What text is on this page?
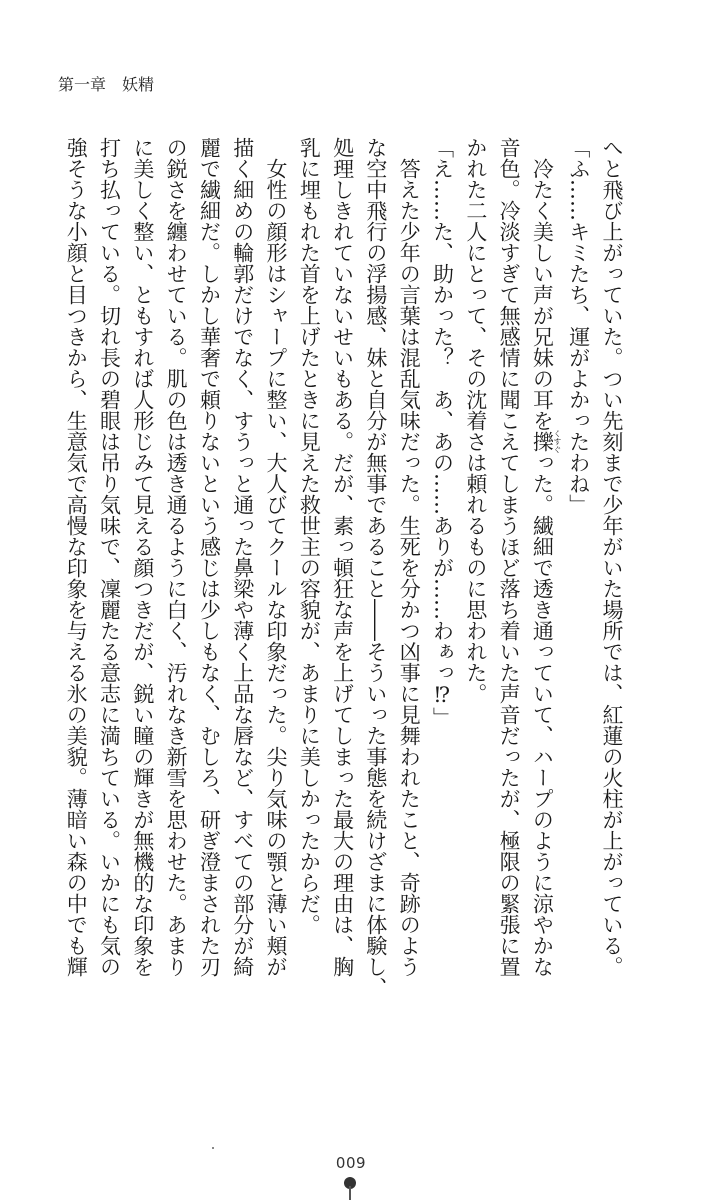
第一章　妖精

へと飛び上がっていた。つい先刻まで少年がいた場所では、紅蓮の火柱が上がっている。

「ふ……キミたち、運がよかったわね」

冷たく美しい声が兄妹の耳を擽くすぐった。繊細で透き通っていて、ハープのように涼やかな

音色。冷淡すぎて無感情に聞こえてしまうほど落ち着いた声音だったが、極限の緊張に置

かれた二人にとって、その沈着さは頼れるものに思われた。

「え……た、助かった？　あ、あの……ありが……わぁっ⁉」

答えた少年の言葉は混乱気味だった。生死を分かつ凶事に見舞われたこと、奇跡のよう

な空中飛行の浮揚感、妹と自分が無事であること――そういった事態を続けざまに体験し、

処理しきれていないせいもある。だが、素っ頓狂な声を上げてしまった最大の理由は、胸

乳に埋もれた首を上げたときに見えた救世主の容貌が、あまりに美しかったからだ。

女性の顔形はシャープに整い、大人びてクールな印象だった。尖り気味の顎と薄い頬が

描く細めの輪郭だけでなく、すうっと通った鼻梁や薄く上品な唇など、すべての部分が綺

麗で繊細だ。しかし華奢で頼りないという感じは少しもなく、むしろ、研ぎ澄まされた刃

の鋭さを纏わせている。肌の色は透き通るように白く、汚れなき新雪を思わせた。あまり

に美しく整い、ともすれば人形じみて見える顔つきだが、鋭い瞳の輝きが無機的な印象を

打ち払っている。切れ長の碧眼は吊り気味で、凜麗たる意志に満ちている。いかにも気の

強そうな小顔と目つきから、生意気で高慢な印象を与える氷の美貌。薄暗い森の中でも輝

009
